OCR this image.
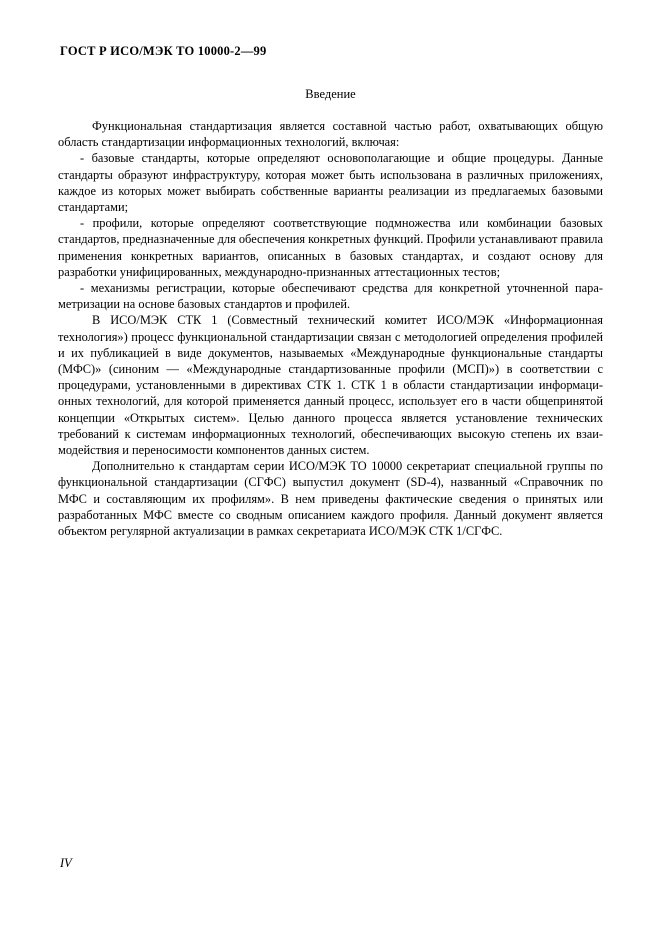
ГОСТ Р ИСО/МЭК ТО 10000-2—99
Введение

Функциональная стандартизация является составной частью работ, охватывающих общую область стандартизации информационных технологий, включая:

- базовые стандарты, которые определяют основополагающие и общие процедуры. Данные стандарты образуют инфраструктуру, которая может быть использована в различных приложениях, каждое из которых может выбирать собственные варианты реализации из предлагаемых базовыми стандартами;

- профили, которые определяют соответствующие подмножества или комбинации базовых стандартов, предназначенные для обеспечения конкретных функций. Профили устанавливают правила применения конкретных вариантов, описанных в базовых стандартах, и создают основу для разработки унифицированных, международно-признанных аттестационных тестов;

- механизмы регистрации, которые обеспечивают средства для конкретной уточненной параметризации на основе базовых стандартов и профилей.

В ИСО/МЭК СТК 1 (Совместный технический комитет ИСО/МЭК «Информационная технология») процесс функциональной стандартизации связан с методологией определения профилей и их публикацией в виде документов, называемых «Международные функциональные стандарты (МФС)» (синоним — «Международные стандартизованные профили (МСП)») в соответствии с процедурами, установленными в директивах СТК 1. СТК 1 в области стандартизации информационных технологий, для которой применяется данный процесс, использует его в части общепринятой концепции «Открытых систем». Целью данного процесса является установление технических требований к системам информационных технологий, обеспечивающих высокую степень их взаимодействия и переносимости компонентов данных систем.

Дополнительно к стандартам серии ИСО/МЭК ТО 10000 секретариат специальной группы по функциональной стандартизации (СГФС) выпустил документ (SD-4), названный «Справочник по МФС и составляющим их профилям». В нем приведены фактические сведения о принятых или разработанных МФС вместе со сводным описанием каждого профиля. Данный документ является объектом регулярной актуализации в рамках секретариата ИСО/МЭК СТК 1/СГФС.

IV
